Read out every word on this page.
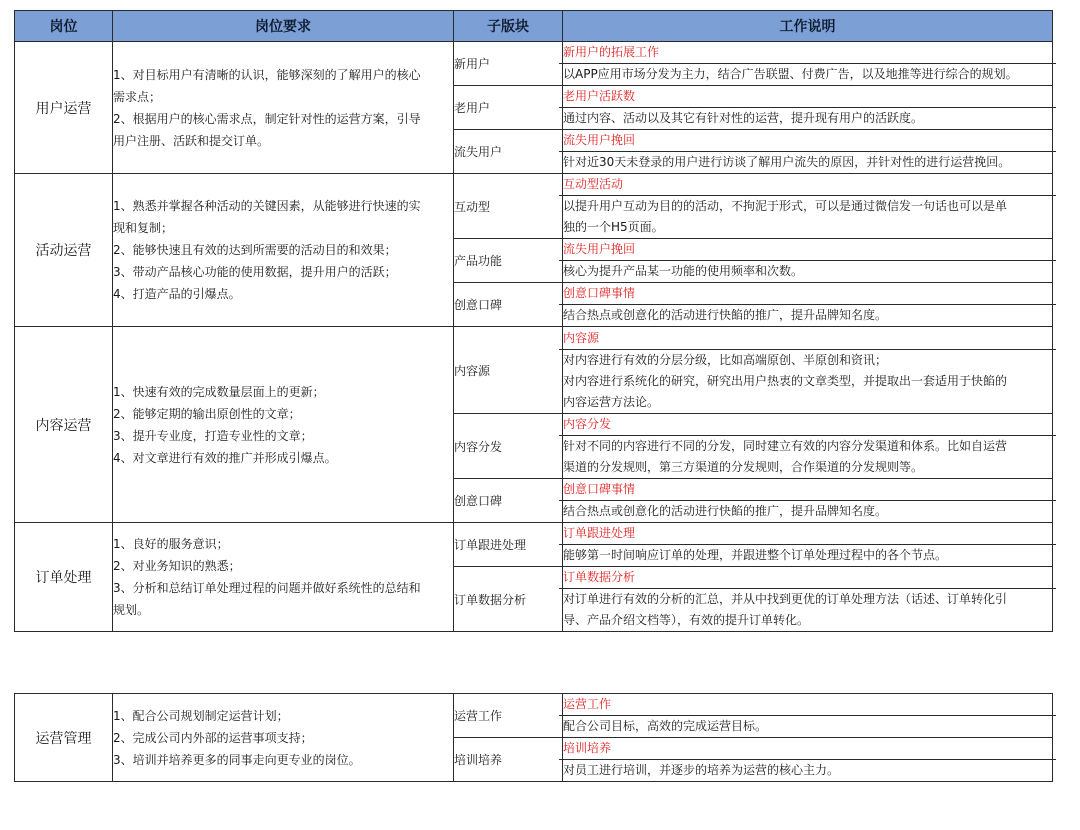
岗位	岗位要求	子版块	工作说明
用户运营	1、对目标用户有清晰的认识，能够深刻的了解用户的核心
需求点；
2、根据用户的核心需求点，制定针对性的运营方案，引导
用户注册、活跃和提交订单。	新用户	新用户的拓展工作
以APP应用市场分发为主力，结合广告联盟、付费广告，以及地推等进行综合的规划。

		老用户	老用户活跃数
通过内容、活动以及其它有针对性的运营，提升现有用户的活跃度。

		流失用户	流失用户挽回
针对近30天未登录的用户进行访谈了解用户流失的原因，并针对性的进行运营挽回。

活动运营	1、熟悉并掌握各种活动的关键因素，从能够进行快速的实
现和复制；
2、能够快速且有效的达到所需要的活动目的和效果；
3、带动产品核心功能的使用数据，提升用户的活跃；
4、打造产品的引爆点。	互动型	互动型活动
以提升用户互动为目的的活动，不拘泥于形式，可以是通过微信发一句话也可以是单
独的一个H5页面。

		产品功能	流失用户挽回
核心为提升产品某一功能的使用频率和次数。

		创意口碑	创意口碑事情
结合热点或创意化的活动进行快餡的推广，提升品牌知名度。

内容运营	1、快速有效的完成数量层面上的更新；
2、能够定期的输出原创性的文章；
3、提升专业度，打造专业性的文章；
4、对文章进行有效的推广并形成引爆点。	内容源	内容源
对内容进行有效的分层分级，比如高端原创、半原创和资讯；
对内容进行系统化的研究，研究出用户热衷的文章类型，并提取出一套适用于快餡的
内容运营方法论。

		内容分发	内容分发
针对不同的内容进行不同的分发，同时建立有效的内容分发渠道和体系。比如自运营
渠道的分发规则，第三方渠道的分发规则，合作渠道的分发规则等。

		创意口碑	创意口碑事情
结合热点或创意化的活动进行快餡的推广，提升品牌知名度。

订单处理	1、良好的服务意识；
2、对业务知识的熟悉；
3、分析和总结订单处理过程的问题并做好系统性的总结和
规划。	订单跟进处理	订单跟进处理
能够第一时间响应订单的处理，并跟进整个订单处理过程中的各个节点。

		订单数据分析	订单数据分析
对订单进行有效的分析的汇总，并从中找到更优的订单处理方法（话述、订单转化引
导、产品介绍文档等），有效的提升订单转化。
运营管理	1、配合公司规划制定运营计划；
2、完成公司内外部的运营事项支持；
3、培训并培养更多的同事走向更专业的岗位。	运营工作	运营工作
配合公司目标，高效的完成运营目标。

		培训培养	培训培养
对员工进行培训，并逐步的培养为运营的核心主力。
